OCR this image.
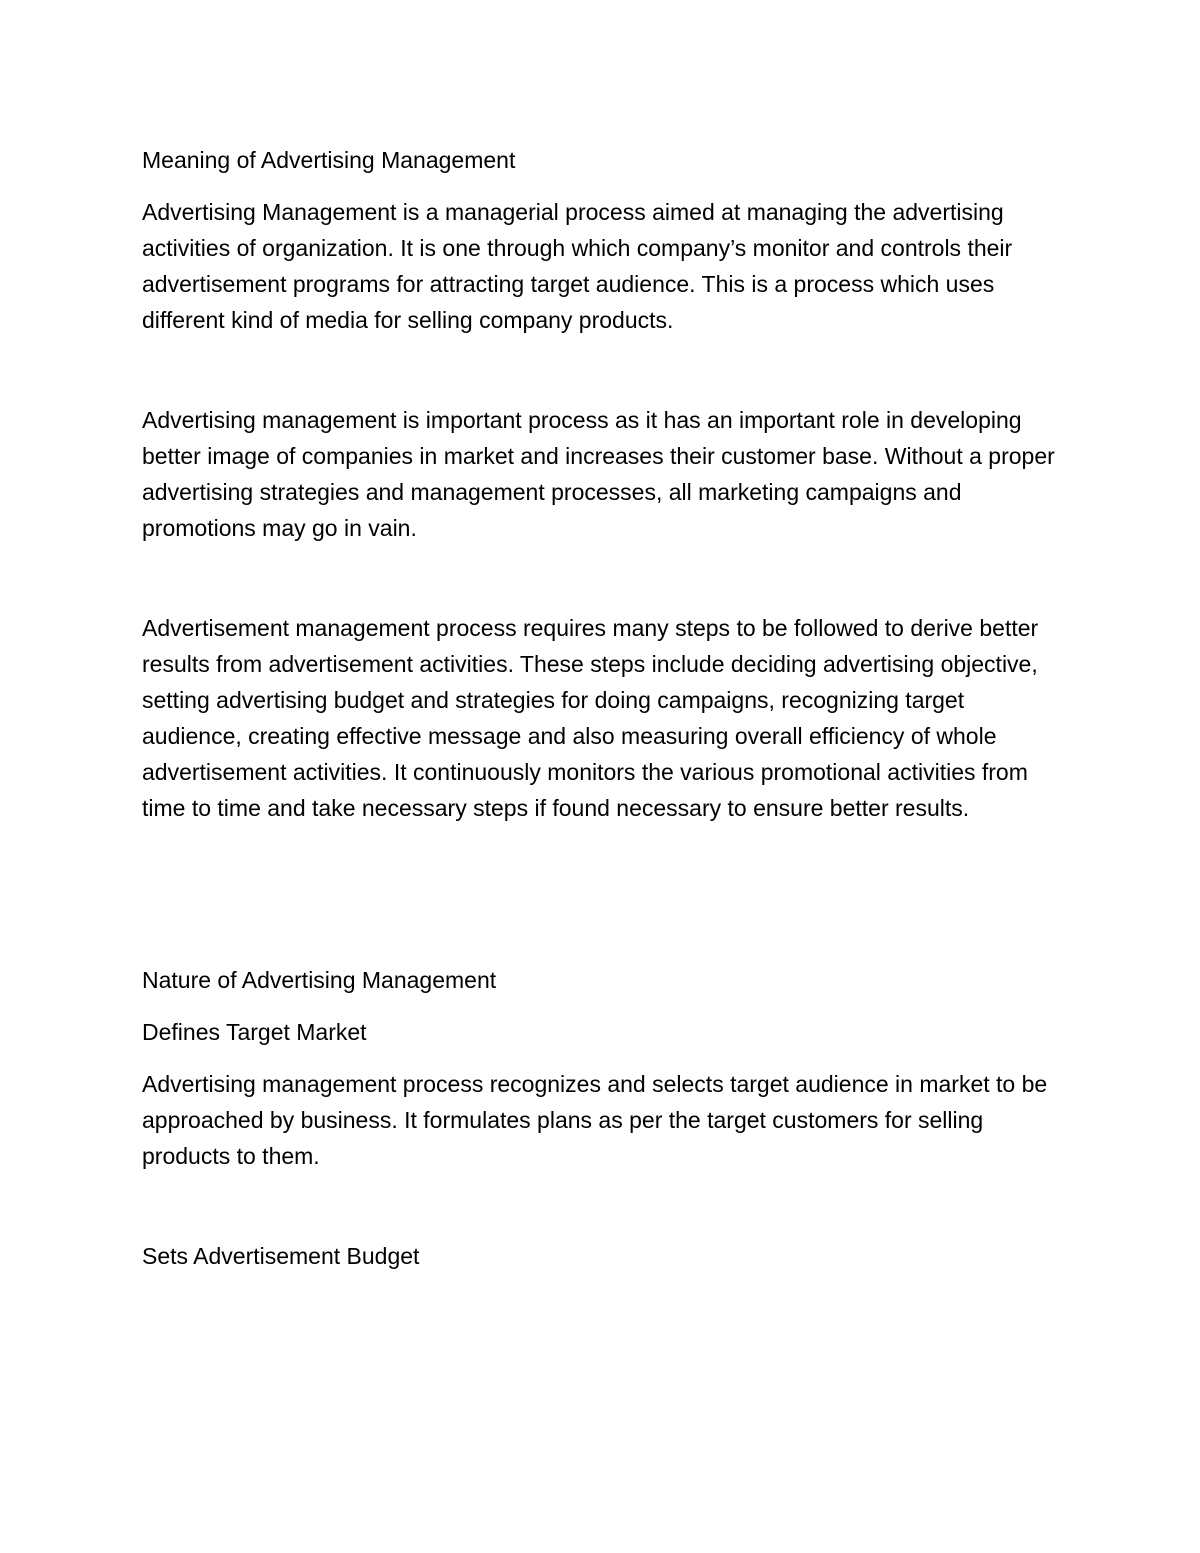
Meaning of Advertising Management

Advertising Management is a managerial process aimed at managing the advertising activities of organization. It is one through which company’s monitor and controls their advertisement programs for attracting target audience. This is a process which uses different kind of media for selling company products.

Advertising management is important process as it has an important role in developing better image of companies in market and increases their customer base. Without a proper advertising strategies and management processes, all marketing campaigns and promotions may go in vain.

Advertisement management process requires many steps to be followed to derive better results from advertisement activities. These steps include deciding advertising objective, setting advertising budget and strategies for doing campaigns, recognizing target audience, creating effective message and also measuring overall efficiency of whole advertisement activities. It continuously monitors the various promotional activities from time to time and take necessary steps if found necessary to ensure better results.

Nature of Advertising Management

Defines Target Market

Advertising management process recognizes and selects target audience in market to be approached by business. It formulates plans as per the target customers for selling products to them.

Sets Advertisement Budget
